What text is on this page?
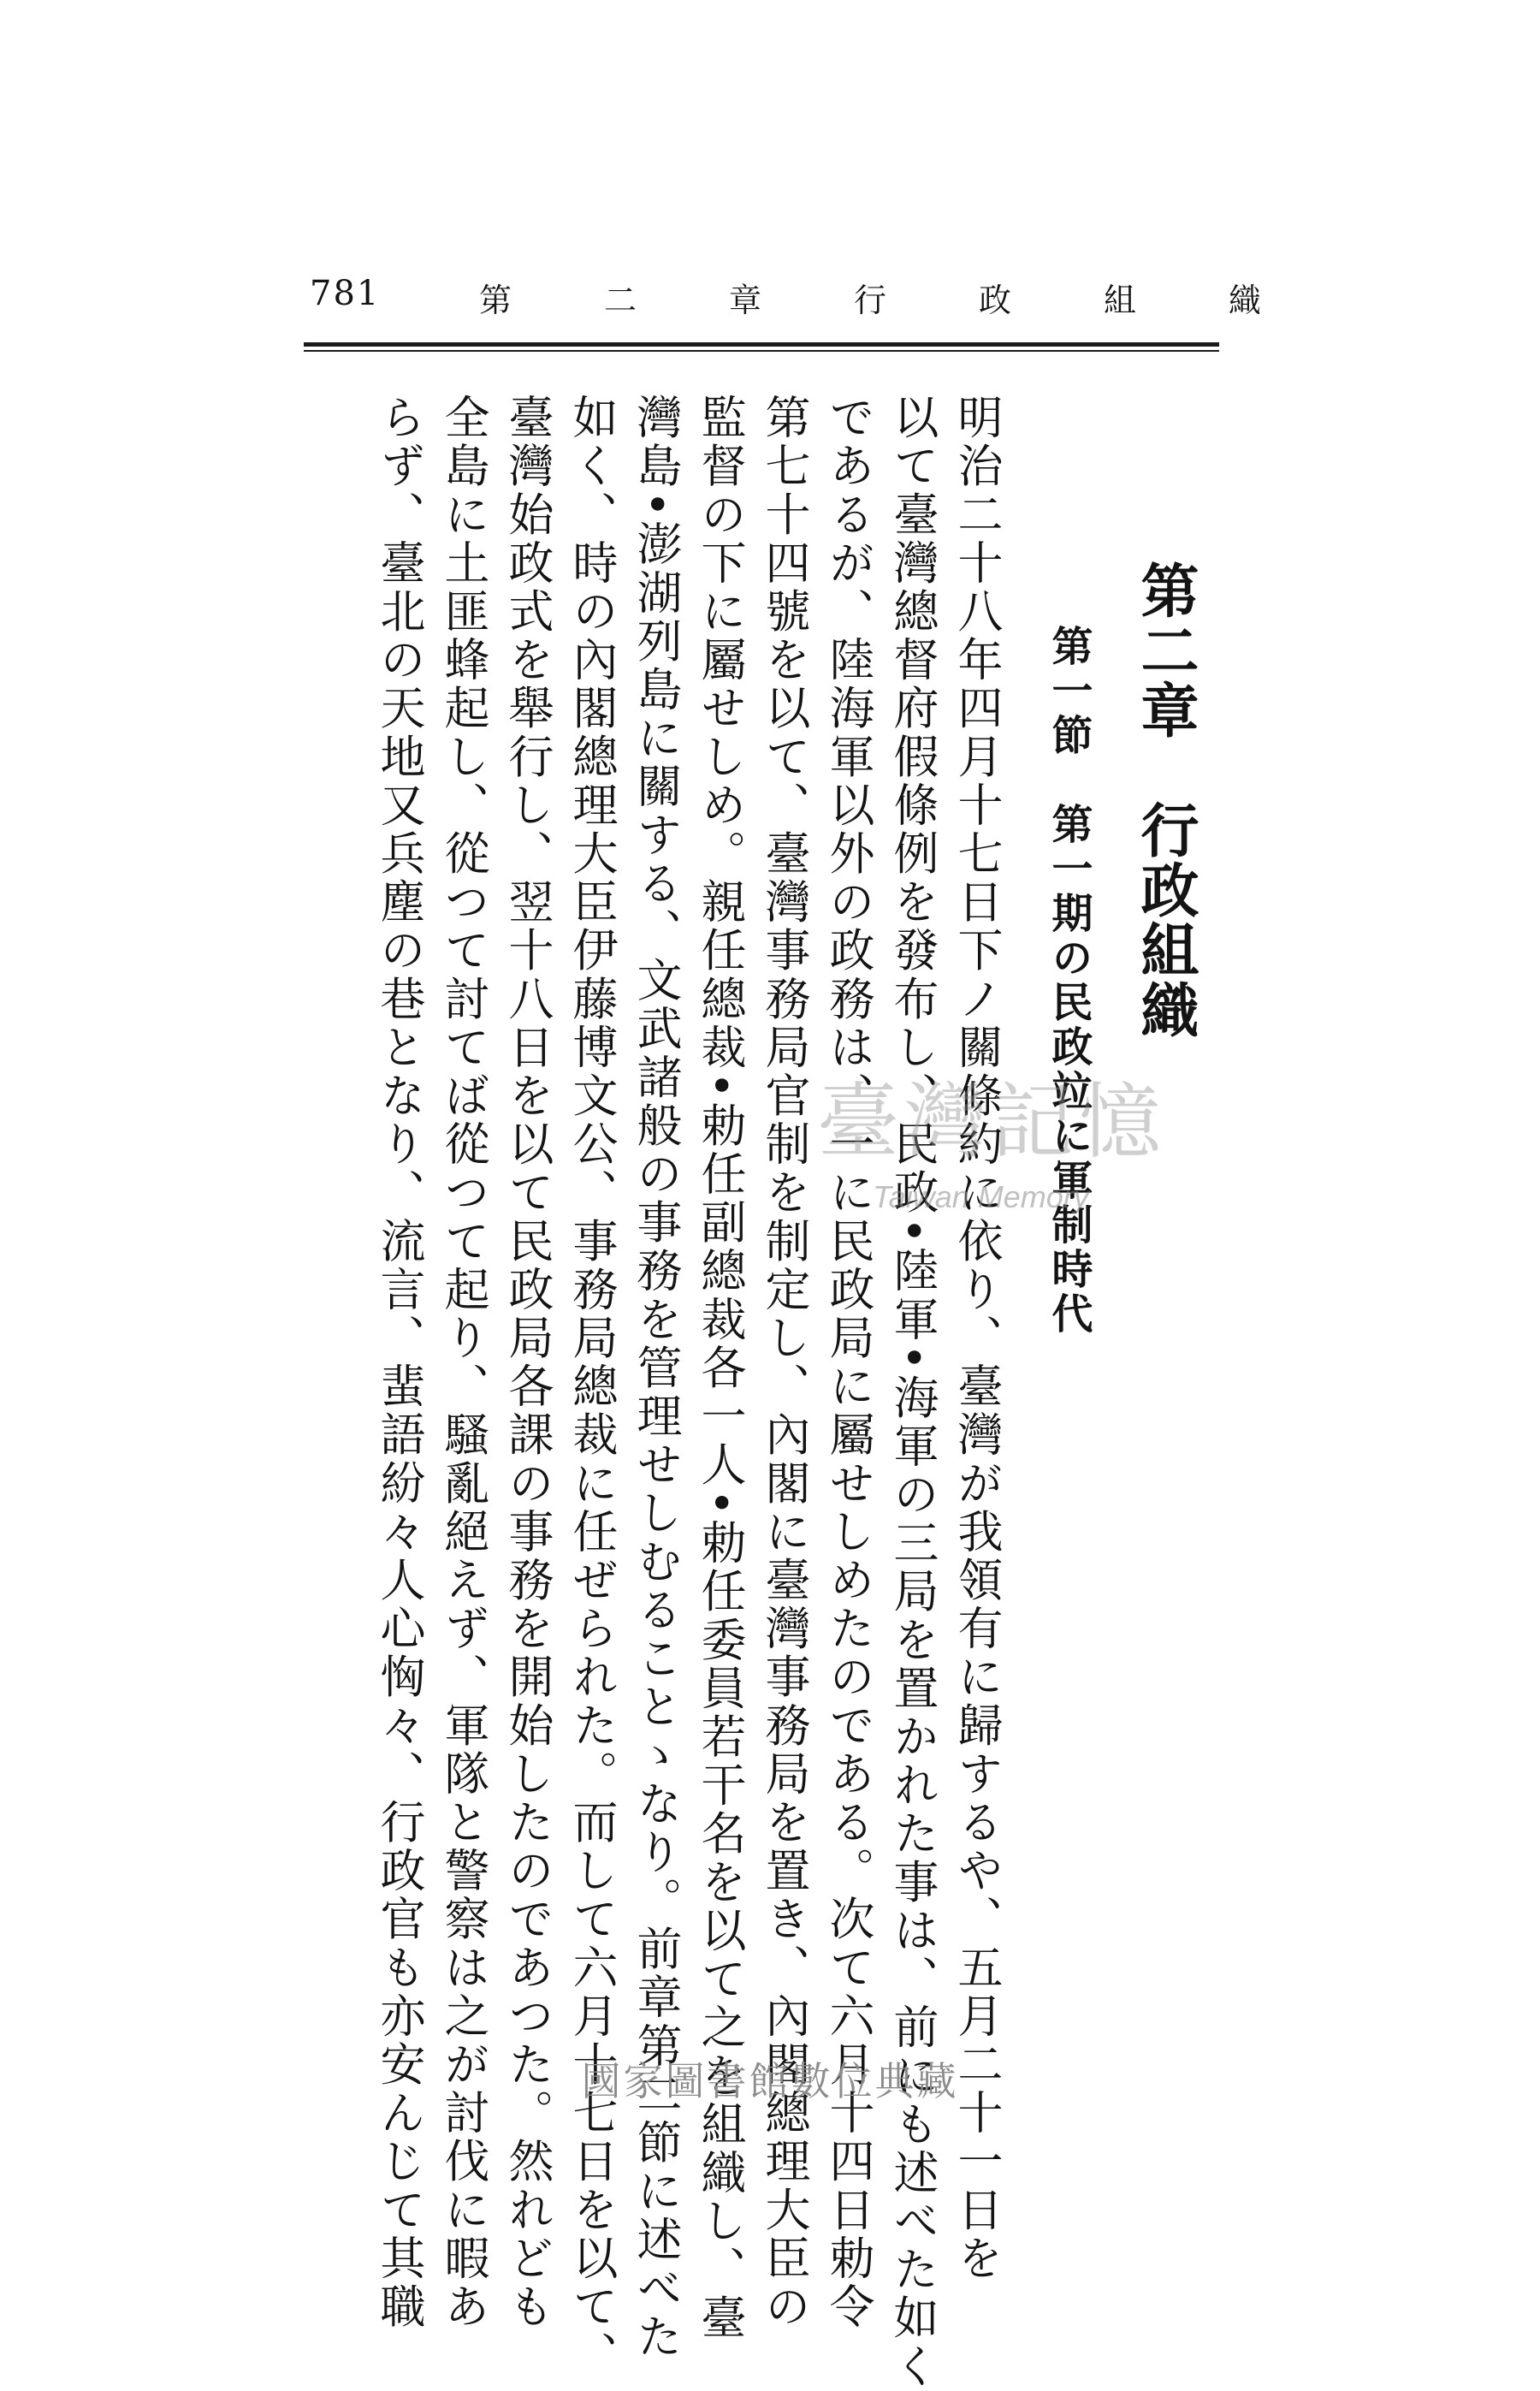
781	第二章行政組織
第二章　行政組織
第一節　第一期の民政竝に軍制時代
明治二十八年四月十七日下ノ關條約に依り、臺灣が我領有に歸するや、五月二十一日を
以て臺灣總督府假條例を發布し、民政•陸軍•海軍の三局を置かれた事は、前にも述べた如く
であるが、陸海軍以外の政務は、一に民政局に屬せしめたのである。次て六月十四日勅令
第七十四號を以て、臺灣事務局官制を制定し、內閣に臺灣事務局を置き、內閣總理大臣の
監督の下に屬せしめ。親任總裁•勅任副總裁各一人•勅任委員若干名を以て之を組織し、臺
灣島•澎湖列島に關する、文武諸般の事務を管理せしむることゝなり。前章第二節に述べた
如く、時の內閣總理大臣伊藤博文公、事務局總裁に任ぜられた。而して六月十七日を以て、
臺灣始政式を舉行し、翌十八日を以て民政局各課の事務を開始したのであつた。然れども
全島に土匪蜂起し、從つて討てば從つて起り、騷亂絕えず、軍隊と警察は之が討伐に暇あ
らず、臺北の天地又兵塵の巷となり、流言、蜚語紛々人心恟々、行政官も亦安んじて其職	臺灣記憶
Taiwan Memory
國家圖書館數位典藏
